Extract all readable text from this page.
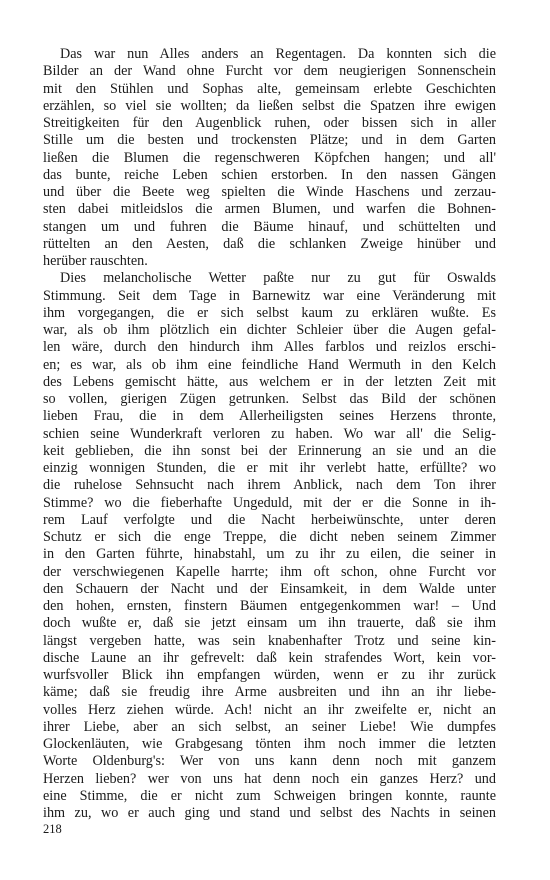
Das war nun Alles anders an Regentagen. Da konnten sich die
Bilder an der Wand ohne Furcht vor dem neugierigen Sonnenschein
mit den Stühlen und Sophas alte, gemeinsam erlebte Geschichten
erzählen, so viel sie wollten; da ließen selbst die Spatzen ihre ewigen
Streitigkeiten für den Augenblick ruhen, oder bissen sich in aller
Stille um die besten und trockensten Plätze; und in dem Garten
ließen die Blumen die regenschweren Köpfchen hangen; und all'
das bunte, reiche Leben schien erstorben. In den nassen Gängen
und über die Beete weg spielten die Winde Haschens und zerzau-
sten dabei mitleidslos die armen Blumen, und warfen die Bohnen-
stangen um und fuhren die Bäume hinauf, und schüttelten und
rüttelten an den Aesten, daß die schlanken Zweige hinüber und
herüber rauschten.
Dies melancholische Wetter paßte nur zu gut für Oswalds
Stimmung. Seit dem Tage in Barnewitz war eine Veränderung mit
ihm vorgegangen, die er sich selbst kaum zu erklären wußte. Es
war, als ob ihm plötzlich ein dichter Schleier über die Augen gefal-
len wäre, durch den hindurch ihm Alles farblos und reizlos erschi-
en; es war, als ob ihm eine feindliche Hand Wermuth in den Kelch
des Lebens gemischt hätte, aus welchem er in der letzten Zeit mit
so vollen, gierigen Zügen getrunken. Selbst das Bild der schönen
lieben Frau, die in dem Allerheiligsten seines Herzens thronte,
schien seine Wunderkraft verloren zu haben. Wo war all' die Selig-
keit geblieben, die ihn sonst bei der Erinnerung an sie und an die
einzig wonnigen Stunden, die er mit ihr verlebt hatte, erfüllte? wo
die ruhelose Sehnsucht nach ihrem Anblick, nach dem Ton ihrer
Stimme? wo die fieberhafte Ungeduld, mit der er die Sonne in ih-
rem Lauf verfolgte und die Nacht herbeiwünschte, unter deren
Schutz er sich die enge Treppe, die dicht neben seinem Zimmer
in den Garten führte, hinabstahl, um zu ihr zu eilen, die seiner in
der verschwiegenen Kapelle harrte; ihm oft schon, ohne Furcht vor
den Schauern der Nacht und der Einsamkeit, in dem Walde unter
den hohen, ernsten, finstern Bäumen entgegenkommen war! – Und
doch wußte er, daß sie jetzt einsam um ihn trauerte, daß sie ihm
längst vergeben hatte, was sein knabenhafter Trotz und seine kin-
dische Laune an ihr gefrevelt: daß kein strafendes Wort, kein vor-
wurfsvoller Blick ihn empfangen würden, wenn er zu ihr zurück
käme; daß sie freudig ihre Arme ausbreiten und ihn an ihr liebe-
volles Herz ziehen würde. Ach! nicht an ihr zweifelte er, nicht an
ihrer Liebe, aber an sich selbst, an seiner Liebe! Wie dumpfes
Glockenläuten, wie Grabgesang tönten ihm noch immer die letzten
Worte Oldenburg's: Wer von uns kann denn noch mit ganzem
Herzen lieben? wer von uns hat denn noch ein ganzes Herz? und
eine Stimme, die er nicht zum Schweigen bringen konnte, raunte
ihm zu, wo er auch ging und stand und selbst des Nachts in seinen
218
